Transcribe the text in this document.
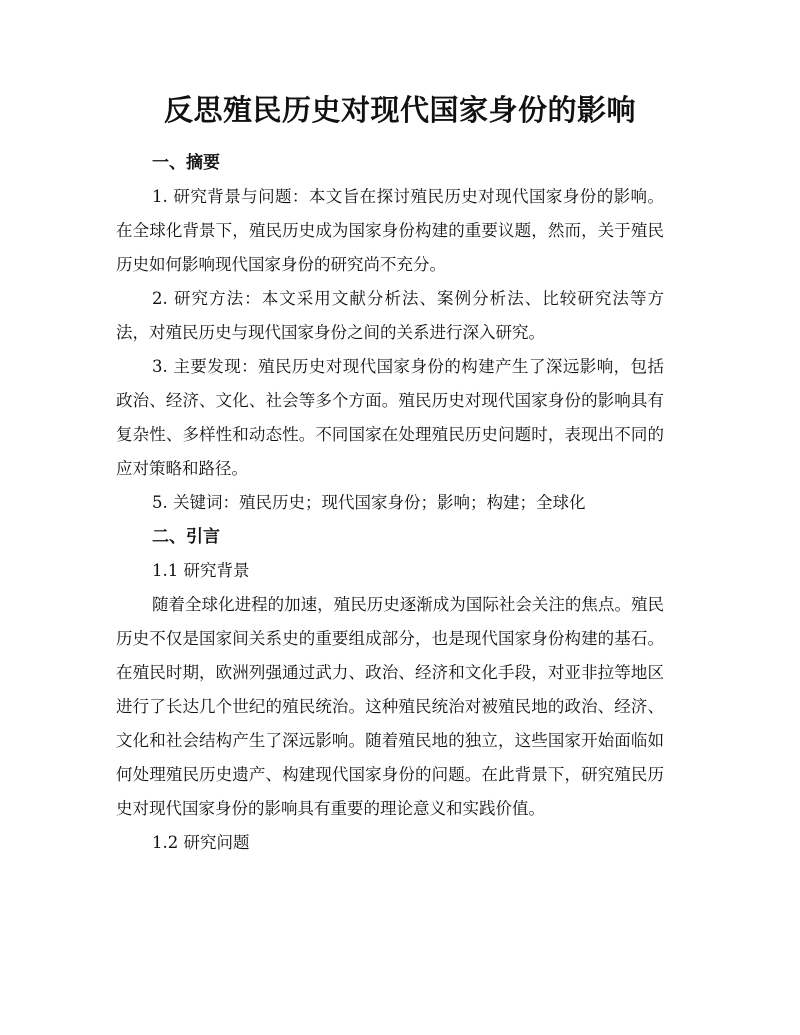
反思殖民历史对现代国家身份的影响

一、摘要

1. 研究背景与问题：本文旨在探讨殖民历史对现代国家身份的影响。在全球化背景下，殖民历史成为国家身份构建的重要议题，然而，关于殖民历史如何影响现代国家身份的研究尚不充分。

2. 研究方法：本文采用文献分析法、案例分析法、比较研究法等方法，对殖民历史与现代国家身份之间的关系进行深入研究。

3. 主要发现：殖民历史对现代国家身份的构建产生了深远影响，包括政治、经济、文化、社会等多个方面。殖民历史对现代国家身份的影响具有复杂性、多样性和动态性。不同国家在处理殖民历史问题时，表现出不同的应对策略和路径。

5. 关键词：殖民历史；现代国家身份；影响；构建；全球化

二、引言

1.1 研究背景

随着全球化进程的加速，殖民历史逐渐成为国际社会关注的焦点。殖民历史不仅是国家间关系史的重要组成部分，也是现代国家身份构建的基石。在殖民时期，欧洲列强通过武力、政治、经济和文化手段，对亚非拉等地区进行了长达几个世纪的殖民统治。这种殖民统治对被殖民地的政治、经济、文化和社会结构产生了深远影响。随着殖民地的独立，这些国家开始面临如何处理殖民历史遗产、构建现代国家身份的问题。在此背景下，研究殖民历史对现代国家身份的影响具有重要的理论意义和实践价值。

1.2 研究问题
